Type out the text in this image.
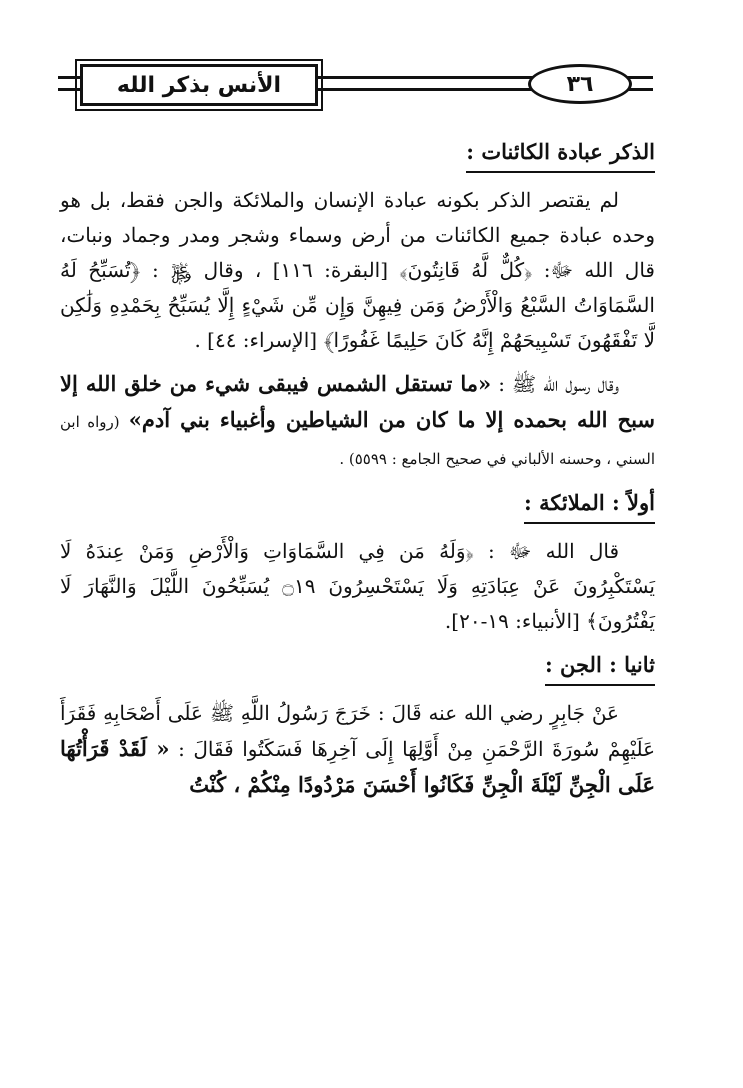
الأنس بذكر الله	٣٦
الذكر عبادة الكائنات :

لم يقتصر الذكر بكونه عبادة الإنسان والملائكة والجن فقط، بل هو وحده عبادة جميع الكائنات من أرض وسماء وشجر ومدر وجماد ونبات، قال الله ﷻ: ﴿كُلٌّ لَّهُ قَانِتُونَ﴾ [البقرة: ١١٦] ، وقال ﷿ : ﴿تُسَبِّحُ لَهُ السَّمَاوَاتُ السَّبْعُ وَالْأَرْضُ وَمَن فِيهِنَّ وَإِن مِّن شَيْءٍ إِلَّا يُسَبِّحُ بِحَمْدِهِ وَلَٰكِن لَّا تَفْقَهُونَ تَسْبِيحَهُمْ إِنَّهُ كَانَ حَلِيمًا غَفُورًا﴾ [الإسراء: ٤٤] .

وقال رسول الله ﷺ : «ما تستقل الشمس فيبقى شيء من خلق الله إلا سبح الله بحمده إلا ما كان من الشياطين وأغبياء بني آدم» (رواه ابن السني ، وحسنه الألباني في صحيح الجامع : ٥٥٩٩) .

أولاً : الملائكة :

قال الله ﷻ : ﴿وَلَهُ مَن فِي السَّمَاوَاتِ وَالْأَرْضِ وَمَنْ عِندَهُ لَا يَسْتَكْبِرُونَ عَنْ عِبَادَتِهِ وَلَا يَسْتَحْسِرُونَ ۝١٩ يُسَبِّحُونَ اللَّيْلَ وَالنَّهَارَ لَا يَفْتُرُونَ﴾ [الأنبياء: ١٩-٢٠].

ثانيا : الجن :

عَنْ جَابِرٍ رضي الله عنه قَالَ : خَرَجَ رَسُولُ اللَّهِ ﷺ عَلَى أَصْحَابِهِ فَقَرَأَ عَلَيْهِمْ سُورَةَ الرَّحْمَنِ مِنْ أَوَّلِهَا إِلَى آخِرِهَا فَسَكَتُوا فَقَالَ : « لَقَدْ قَرَأْتُهَا عَلَى الْجِنِّ لَيْلَةَ الْجِنِّ فَكَانُوا أَحْسَنَ مَرْدُودًا مِنْكُمْ ، كُنْتُ
